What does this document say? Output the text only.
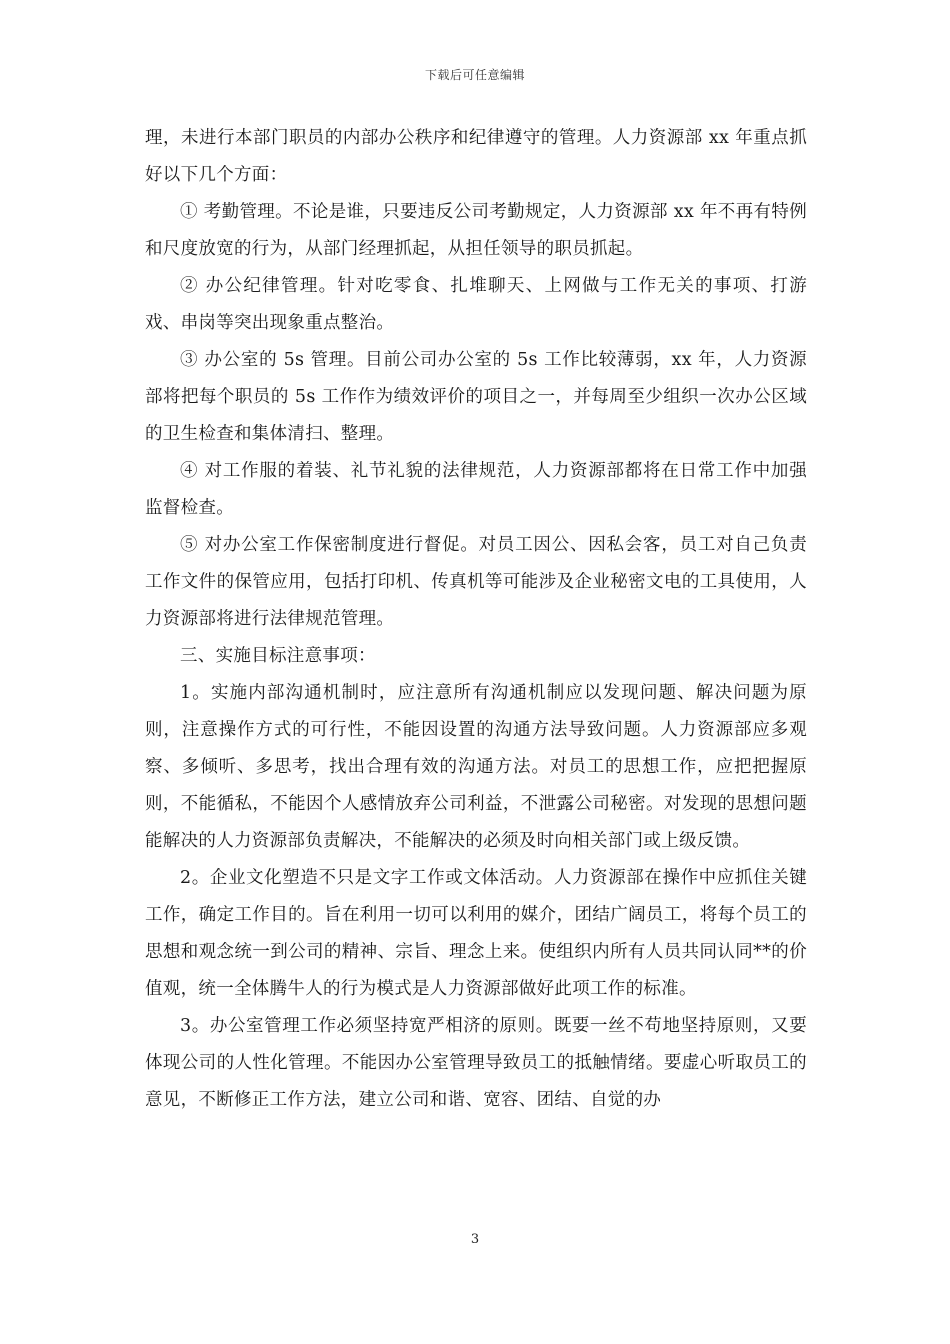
下载后可任意编辑

理，未进行本部门职员的内部办公秩序和纪律遵守的管理。人力资源部 xx 年重点抓好以下几个方面：

① 考勤管理。不论是谁，只要违反公司考勤规定，人力资源部 xx 年不再有特例和尺度放宽的行为，从部门经理抓起，从担任领导的职员抓起。

② 办公纪律管理。针对吃零食、扎堆聊天、上网做与工作无关的事项、打游戏、串岗等突出现象重点整治。

③ 办公室的 5s 管理。目前公司办公室的 5s 工作比较薄弱，xx 年，人力资源部将把每个职员的 5s 工作作为绩效评价的项目之一，并每周至少组织一次办公区域的卫生检查和集体清扫、整理。

④ 对工作服的着装、礼节礼貌的法律规范，人力资源部都将在日常工作中加强监督检查。

⑤ 对办公室工作保密制度进行督促。对员工因公、因私会客，员工对自己负责工作文件的保管应用，包括打印机、传真机等可能涉及企业秘密文电的工具使用，人力资源部将进行法律规范管理。

三、实施目标注意事项：

1。实施内部沟通机制时，应注意所有沟通机制应以发现问题、解决问题为原则，注意操作方式的可行性，不能因设置的沟通方法导致问题。人力资源部应多观察、多倾听、多思考，找出合理有效的沟通方法。对员工的思想工作，应把把握原则，不能循私，不能因个人感情放弃公司利益，不泄露公司秘密。对发现的思想问题能解决的人力资源部负责解决，不能解决的必须及时向相关部门或上级反馈。

2。企业文化塑造不只是文字工作或文体活动。人力资源部在操作中应抓住关键工作，确定工作目的。旨在利用一切可以利用的媒介，团结广阔员工，将每个员工的思想和观念统一到公司的精神、宗旨、理念上来。使组织内所有人员共同认同**的价值观，统一全体腾牛人的行为模式是人力资源部做好此项工作的标准。

3。办公室管理工作必须坚持宽严相济的原则。既要一丝不苟地坚持原则，又要体现公司的人性化管理。不能因办公室管理导致员工的抵触情绪。要虚心听取员工的意见，不断修正工作方法，建立公司和谐、宽容、团结、自觉的办

3
